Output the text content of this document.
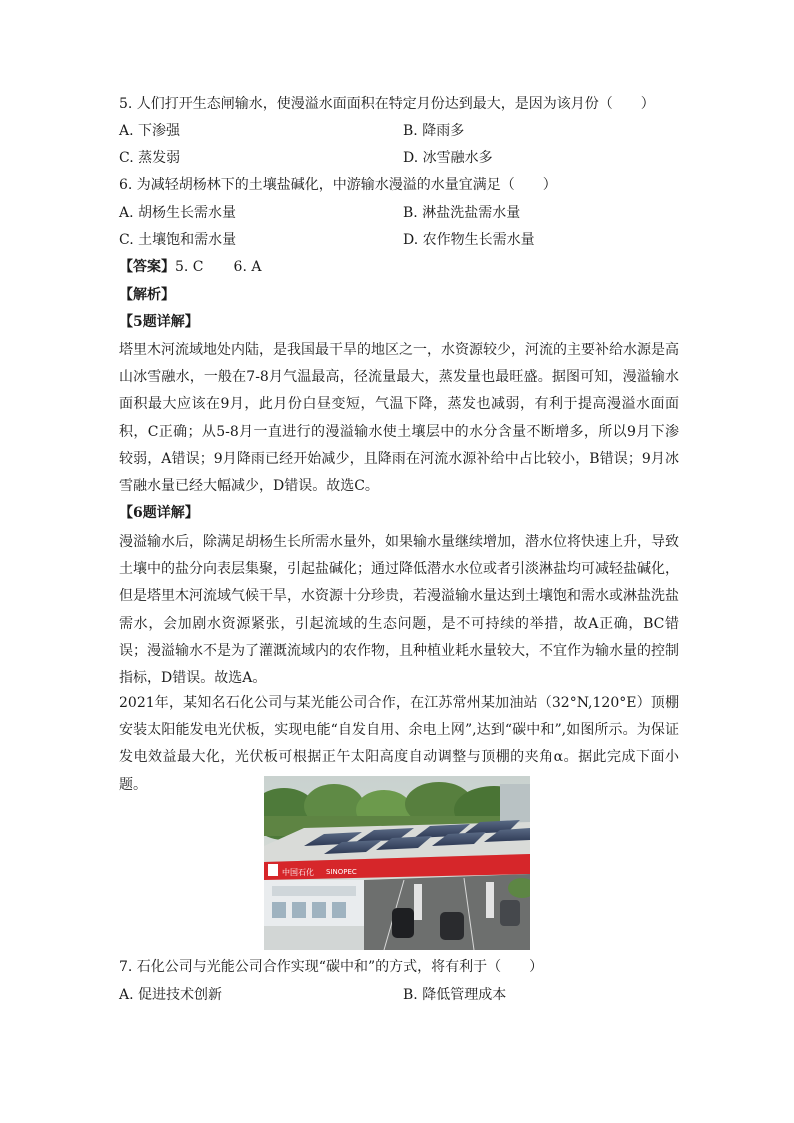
5. 人们打开生态闸输水，使漫溢水面面积在特定月份达到最大，是因为该月份（　　）
A. 下渗强	B. 降雨多
C. 蒸发弱	D. 冰雪融水多
6. 为减轻胡杨林下的土壤盐碱化，中游输水漫溢的水量宜满足（　　）
A. 胡杨生长需水量	B. 淋盐洗盐需水量
C. 土壤饱和需水量	D. 农作物生长需水量
【答案】5. C 6. A
【解析】
【5题详解】
塔里木河流域地处内陆，是我国最干旱的地区之一，水资源较少，河流的主要补给水源是高山冰雪融水，一般在7-8月气温最高，径流量最大，蒸发量也最旺盛。据图可知，漫溢输水面积最大应该在9月，此月份白昼变短，气温下降，蒸发也减弱，有利于提高漫溢水面面积，C正确；从5-8月一直进行的漫溢输水使土壤层中的水分含量不断增多，所以9月下渗较弱，A错误；9月降雨已经开始减少，且降雨在河流水源补给中占比较小，B错误；9月冰雪融水量已经大幅减少，D错误。故选C。
【6题详解】
漫溢输水后，除满足胡杨生长所需水量外，如果输水量继续增加，潜水位将快速上升，导致土壤中的盐分向表层集聚，引起盐碱化；通过降低潜水水位或者引淡淋盐均可减轻盐碱化，但是塔里木河流域气候干旱，水资源十分珍贵，若漫溢输水量达到土壤饱和需水或淋盐洗盐需水，会加剧水资源紧张，引起流域的生态问题，是不可持续的举措，故A正确，BC错误；漫溢输水不是为了灌溉流域内的农作物，且种植业耗水量较大，不宜作为输水量的控制指标，D错误。故选A。
2021年，某知名石化公司与某光能公司合作，在江苏常州某加油站（32°N,120°E）顶棚安装太阳能发电光伏板，实现电能“自发自用、余电上网”,达到“碳中和”,如图所示。为保证发电效益最大化，光伏板可根据正午太阳高度自动调整与顶棚的夹角α。据此完成下面小题。
中国石化 SINOPEC
7. 石化公司与光能公司合作实现“碳中和”的方式，将有利于（　　）
A. 促进技术创新	B. 降低管理成本
